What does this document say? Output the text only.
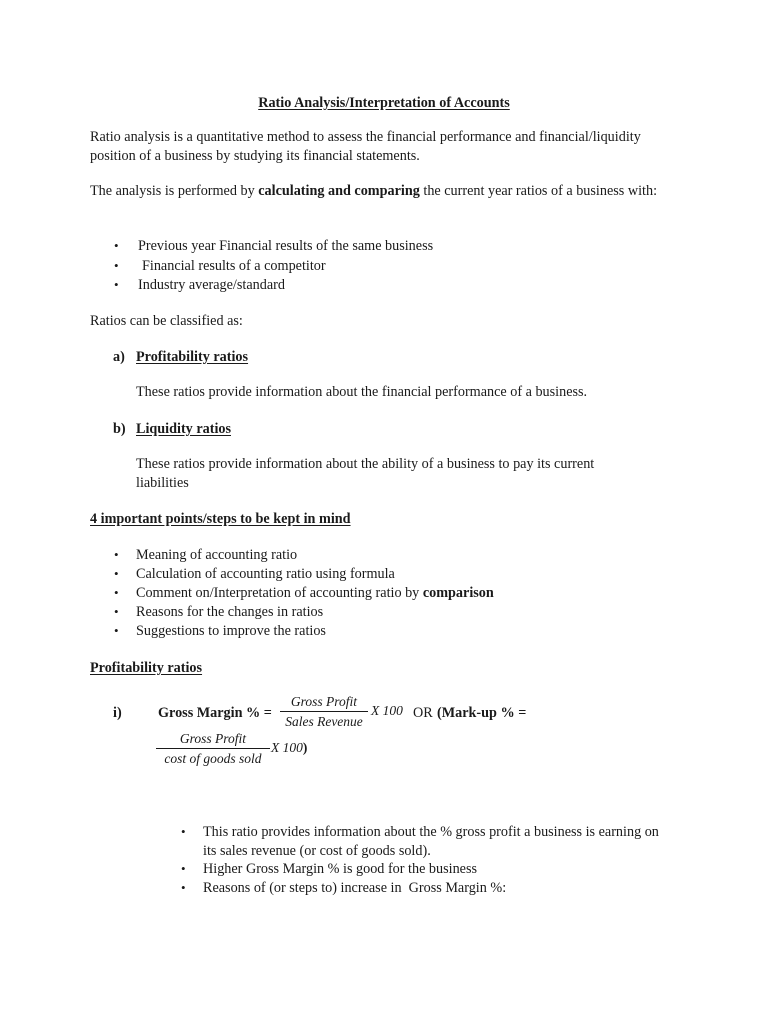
Ratio Analysis/Interpretation of Accounts
Ratio analysis is a quantitative method to assess the financial performance and financial/liquidity position of a business by studying its financial statements.
The analysis is performed by calculating and comparing the current year ratios of a business with:
• Previous year Financial results of the same business
• Financial results of a competitor
• Industry average/standard
Ratios can be classified as:
a) Profitability ratios
These ratios provide information about the financial performance of a business.
b) Liquidity ratios
These ratios provide information about the ability of a business to pay its current liabilities
4 important points/steps to be kept in mind
• Meaning of accounting ratio
• Calculation of accounting ratio using formula
• Comment on/Interpretation of accounting ratio by comparison
• Reasons for the changes in ratios
• Suggestions to improve the ratios
Profitability ratios
i)	Gross Margin % =
Gross Profit
Sales Revenue
X 100 OR (Mark-up % =
Gross Profit
cost of goods sold
X 100)
• This ratio provides information about the % gross profit a business is earning on its sales revenue (or cost of goods sold).
• Higher Gross Margin % is good for the business
• Reasons of (or steps to) increase in  Gross Margin %:
